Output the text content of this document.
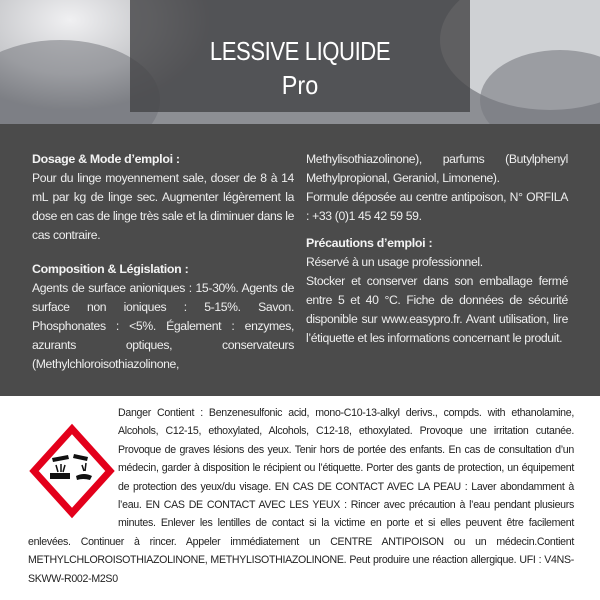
LESSIVE LIQUIDE
Pro
Dosage & Mode d’emploi :

Pour du linge moyennement sale, doser de 8 à 14 mL par kg de linge sec. Augmenter légèrement la dose en cas de linge très sale et la diminuer dans le cas contraire.

Composition & Législation :

Agents de surface anioniques : 15-30%. Agents de surface non ioniques : 5-15%. Savon. Phosphonates : <5%. Également : enzymes, azurants optiques, conservateurs (Methylchloroisothiazolinone,

Methylisothiazolinone), parfums (Butylphenyl Methylpropional, Geraniol, Limonene).

Formule déposée au centre antipoison, N° ORFILA : +33 (0)1 45 42 59 59.

Précautions d’emploi :

Réservé à un usage professionnel.

Stocker et conserver dans son emballage fermé entre 5 et 40 °C. Fiche de données de sécurité disponible sur www.easypro.fr. Avant utilisation, lire l’étiquette et les informations concernant le produit.

Danger Contient : Benzenesulfonic acid, mono-C10-13-alkyl derivs., compds. with ethanolamine, Alcohols, C12-15, ethoxylated, Alcohols, C12-18, ethoxylated. Provoque une irritation cutanée. Provoque de graves lésions des yeux. Tenir hors de portée des enfants. En cas de consultation d’un médecin, garder à disposition le récipient ou l’étiquette. Porter des gants de protection, un équipement de protection des yeux/du visage. EN CAS DE CONTACT AVEC LA PEAU : Laver abondamment à l’eau. EN CAS DE CONTACT AVEC LES YEUX : Rincer avec précaution à l’eau pendant plusieurs minutes. Enlever les lentilles de contact si la victime en porte et si elles peuvent être facilement enlevées. Continuer à rincer. Appeler immédiatement un CENTRE ANTIPOISON ou un médecin.Contient METHYLCHLOROISOTHIAZOLINONE, METHYLISOTHIAZOLINONE. Peut produire une réaction allergique. UFI : V4NS-SKWW-R002-M2S0
